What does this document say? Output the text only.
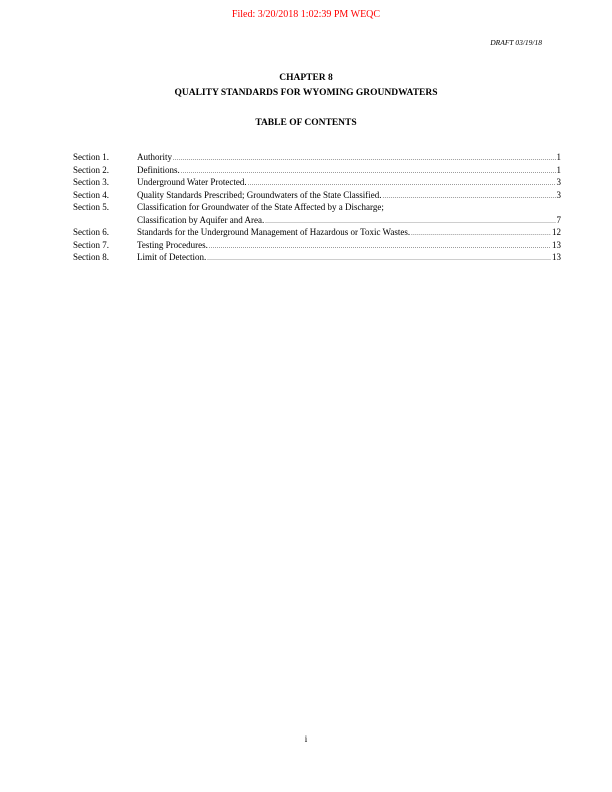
Filed: 3/20/2018 1:02:39 PM WEQC
DRAFT 03/19/18
CHAPTER 8
QUALITY STANDARDS FOR WYOMING GROUNDWATERS
TABLE OF CONTENTS
Section 1.	Authority .....	1
Section 2.	Definitions. .....	1
Section 3.	Underground Water Protected. .....	3
Section 4.	Quality Standards Prescribed; Groundwaters of the State Classified. .....	3
Section 5.	Classification for Groundwater of the State Affected by a Discharge;
Classification by Aquifer and Area. .....	7
Section 6.	Standards for the Underground Management of Hazardous or Toxic Wastes. .....	12
Section 7.	Testing Procedures. .....	13
Section 8.	Limit of Detection. .....	13
i
